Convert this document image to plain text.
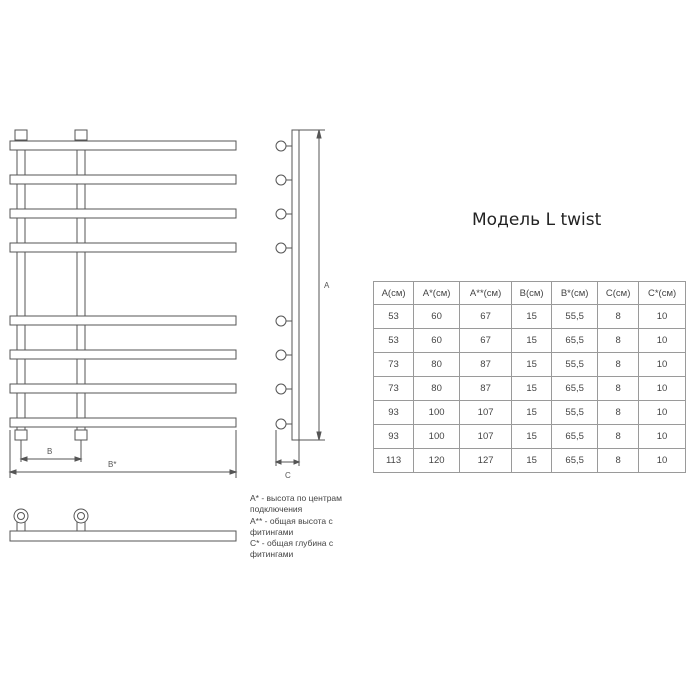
B
B*
A
C
Модель L twist
A(см)	A*(см)	A**(см)	B(см)	B*(см)	C(см)	C*(см)
53	60	67	15	55,5	8	10
53	60	67	15	65,5	8	10
73	80	87	15	55,5	8	10
73	80	87	15	65,5	8	10
93	100	107	15	55,5	8	10
93	100	107	15	65,5	8	10
113	120	127	15	65,5	8	10

A* - высота по центрам подключения

A** - общая высота с фитингами

C* - общая глубина с фитингами
